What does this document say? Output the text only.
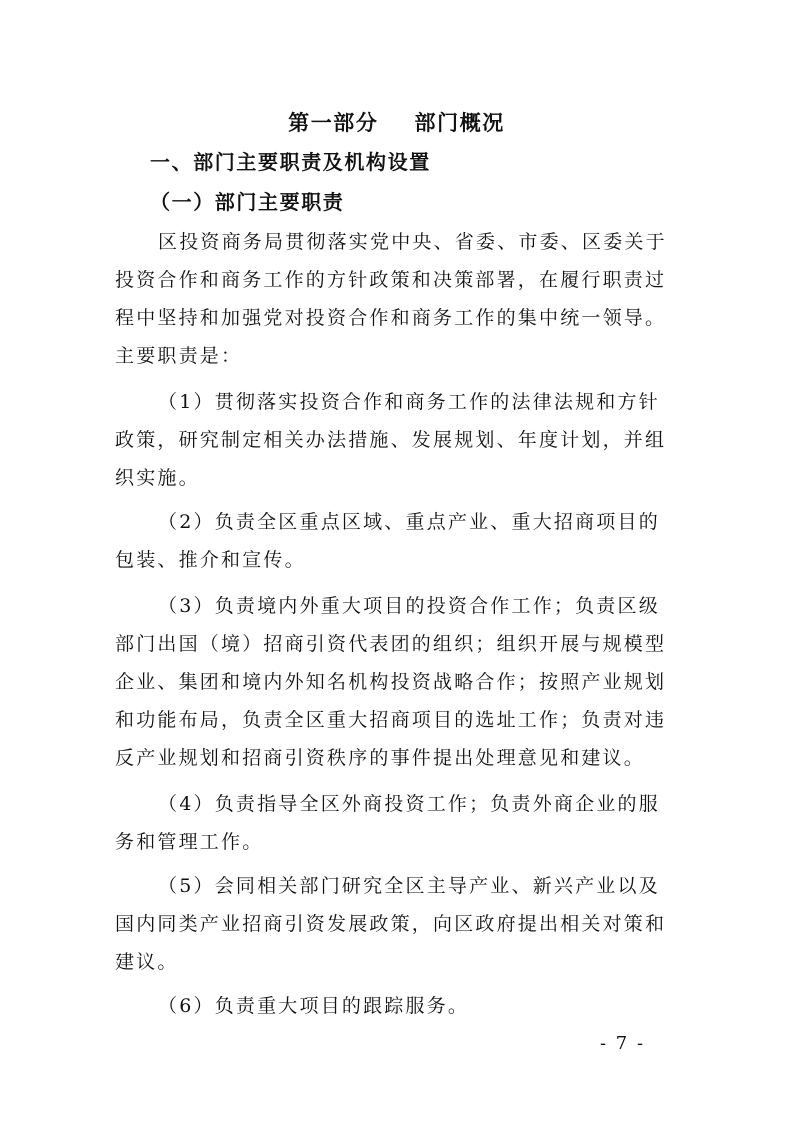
第一部分 部门概况
一、部门主要职责及机构设置
（一）部门主要职责
区投资商务局贯彻落实党中央、省委、市委、区委关于
投资合作和商务工作的方针政策和决策部署，在履行职责过
程中坚持和加强党对投资合作和商务工作的集中统一领导。
主要职责是：
（1）贯彻落实投资合作和商务工作的法律法规和方针
政策，研究制定相关办法措施、发展规划、年度计划，并组
织实施。
（2）负责全区重点区域、重点产业、重大招商项目的
包装、推介和宣传。
（3）负责境内外重大项目的投资合作工作；负责区级
部门出国（境）招商引资代表团的组织；组织开展与规模型
企业、集团和境内外知名机构投资战略合作；按照产业规划
和功能布局，负责全区重大招商项目的选址工作；负责对违
反产业规划和招商引资秩序的事件提出处理意见和建议。
（4）负责指导全区外商投资工作；负责外商企业的服
务和管理工作。
（5）会同相关部门研究全区主导产业、新兴产业以及
国内同类产业招商引资发展政策，向区政府提出相关对策和
建议。
（6）负责重大项目的跟踪服务。
- 7 -
